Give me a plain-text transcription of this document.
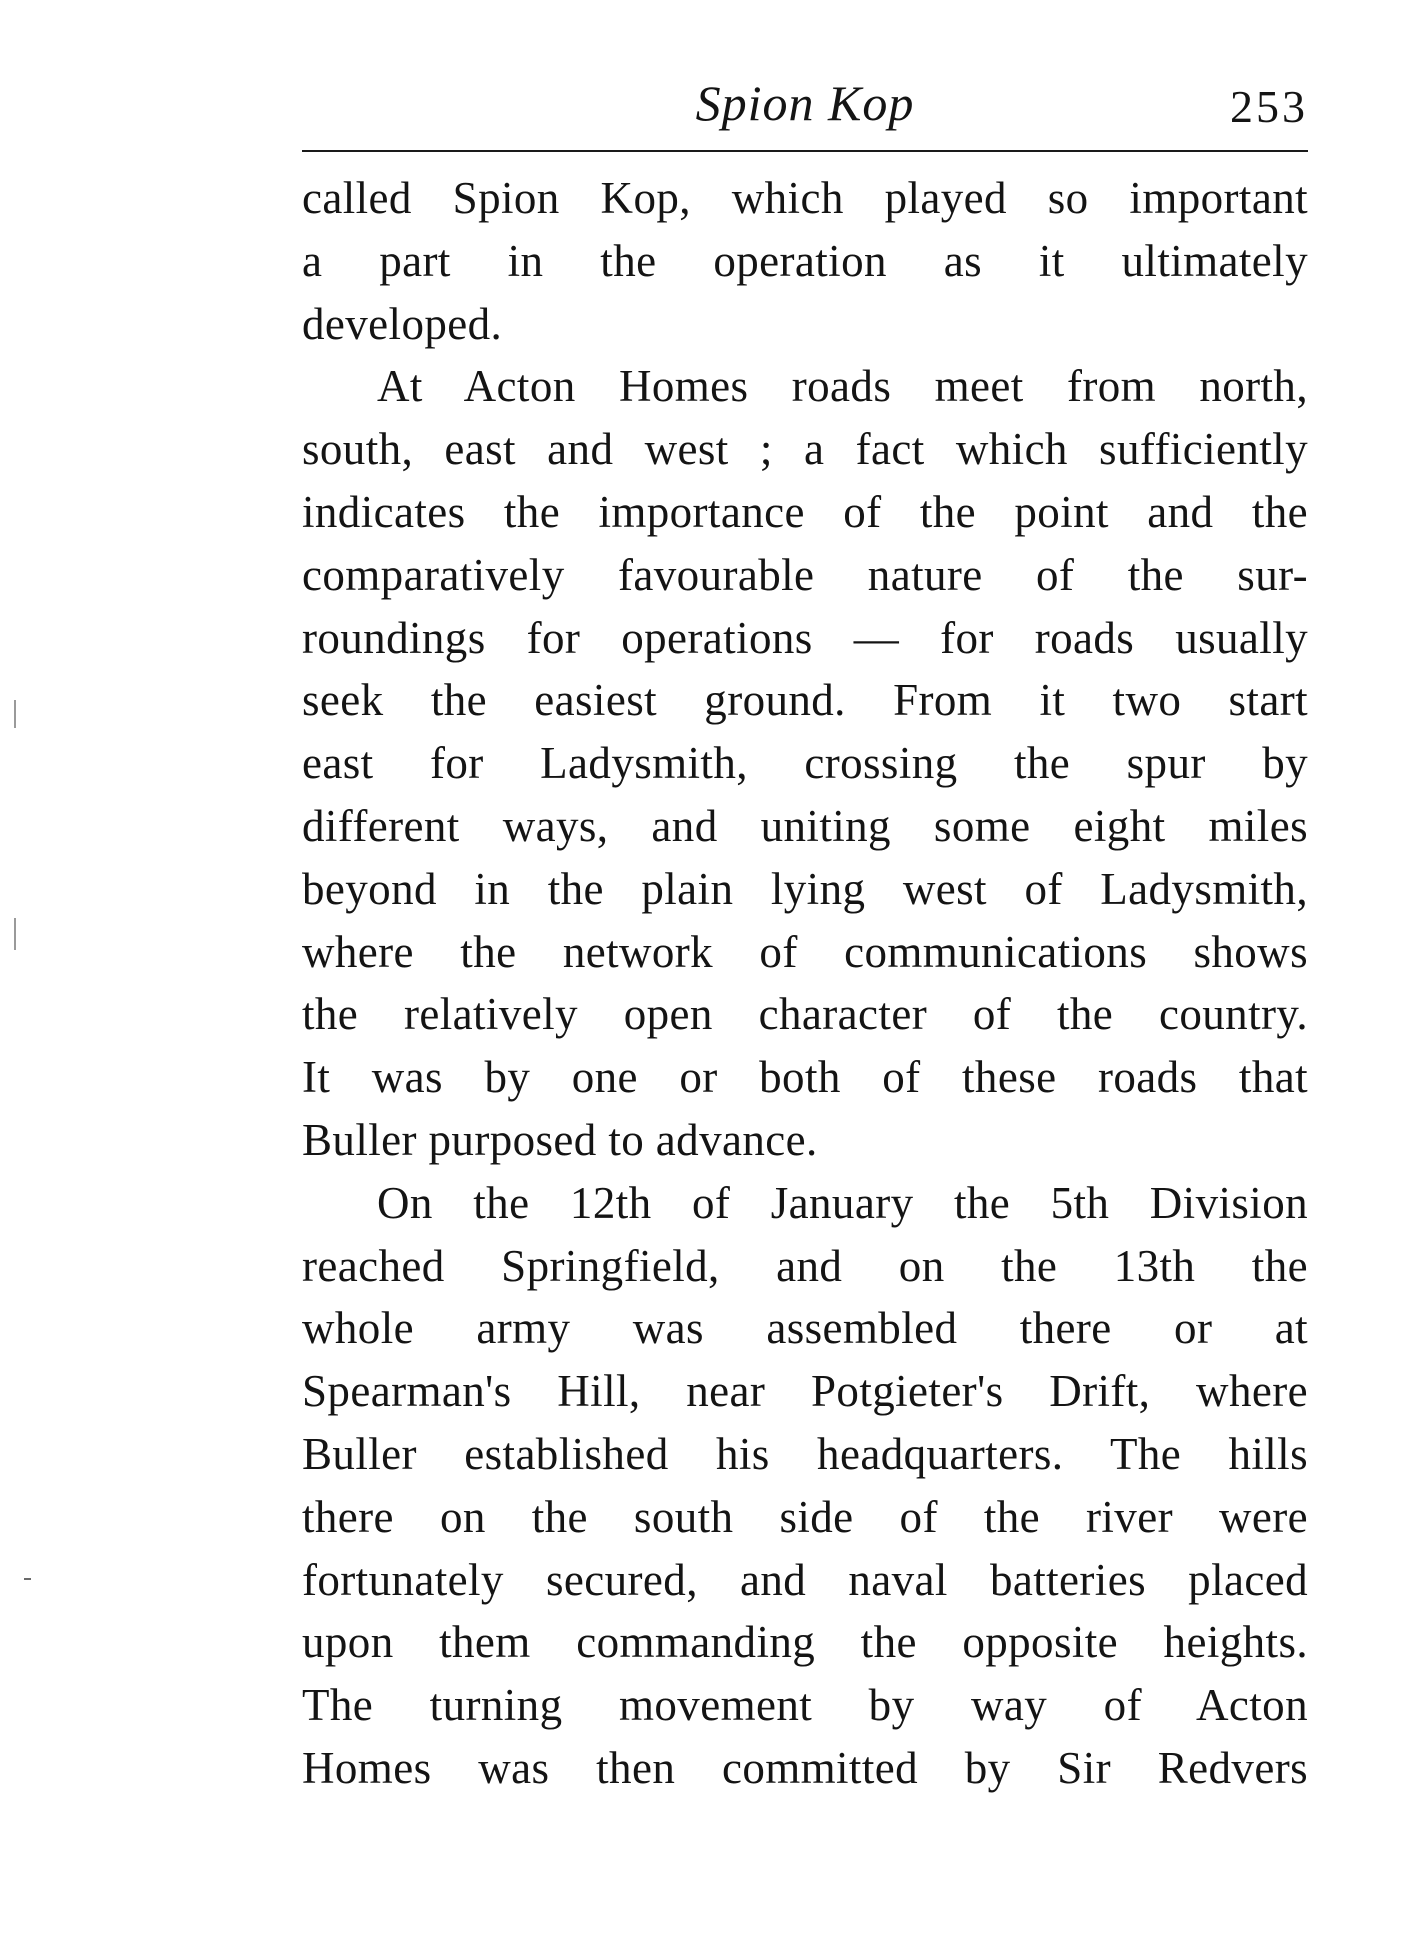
Spion Kop	253
called Spion Kop, which played so important
a part in the operation as it ultimately
developed.
At Acton Homes roads meet from north,
south, east and west ; a fact which sufficiently
indicates the importance of the point and the
comparatively favourable nature of the sur-
roundings for operations — for roads usually
seek the easiest ground. From it two start
east for Ladysmith, crossing the spur by
different ways, and uniting some eight miles
beyond in the plain lying west of Ladysmith,
where the network of communications shows
the relatively open character of the country.
It was by one or both of these roads that
Buller purposed to advance.
On the 12th of January the 5th Division
reached Springfield, and on the 13th the
whole army was assembled there or at
Spearman's Hill, near Potgieter's Drift, where
Buller established his headquarters. The hills
there on the south side of the river were
fortunately secured, and naval batteries placed
upon them commanding the opposite heights.
The turning movement by way of Acton
Homes was then committed by Sir Redvers
